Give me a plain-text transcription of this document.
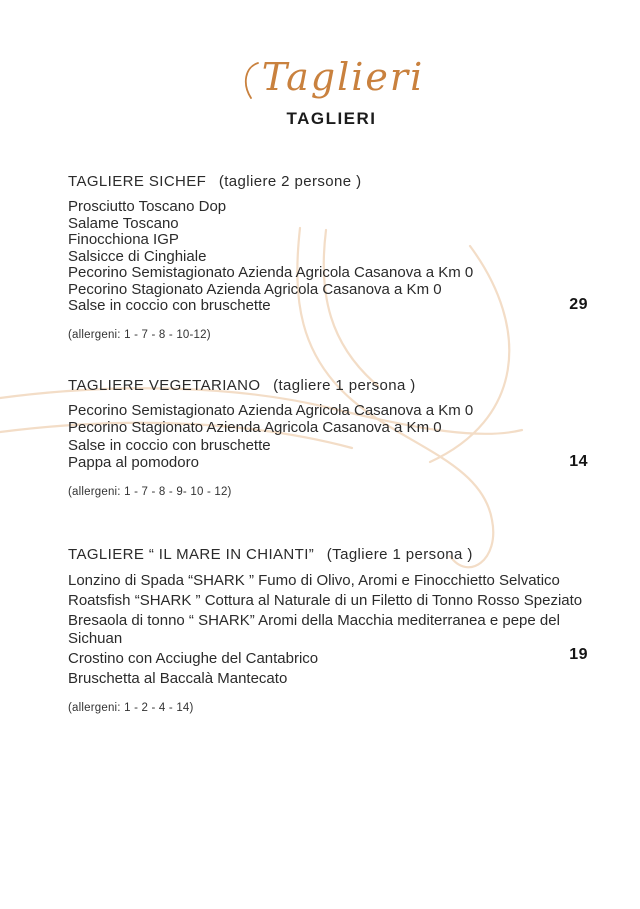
Taglieri
TAGLIERI
TAGLIERE SICHEF (tagliere 2 persone )
Prosciutto Toscano Dop
Salame Toscano
Finocchiona IGP
Salsicce di Cinghiale
Pecorino Semistagionato Azienda Agricola Casanova a Km 0
Pecorino Stagionato Azienda Agricola Casanova a Km 0
Salse in coccio con bruschette	29
(allergeni: 1 - 7 - 8 - 10-12)
TAGLIERE VEGETARIANO (tagliere 1 persona )
Pecorino Semistagionato Azienda Agricola Casanova a Km 0
Pecorino Stagionato Azienda Agricola Casanova a Km 0
Salse in coccio con bruschette
Pappa al pomodoro	14
(allergeni: 1 - 7 - 8 - 9- 10 - 12)
TAGLIERE “ IL MARE IN CHIANTI” (Tagliere 1 persona )
Lonzino di Spada “SHARK ” Fumo di Olivo, Aromi e Finocchietto Selvatico
Roatsfish “SHARK ” Cottura al Naturale di un Filetto di Tonno Rosso Speziato
Bresaola di tonno “ SHARK” Aromi della Macchia mediterranea e pepe del Sichuan
Crostino con Acciughe del Cantabrico
Bruschetta al Baccalà Mantecato
19
(allergeni: 1 - 2 - 4 - 14)
